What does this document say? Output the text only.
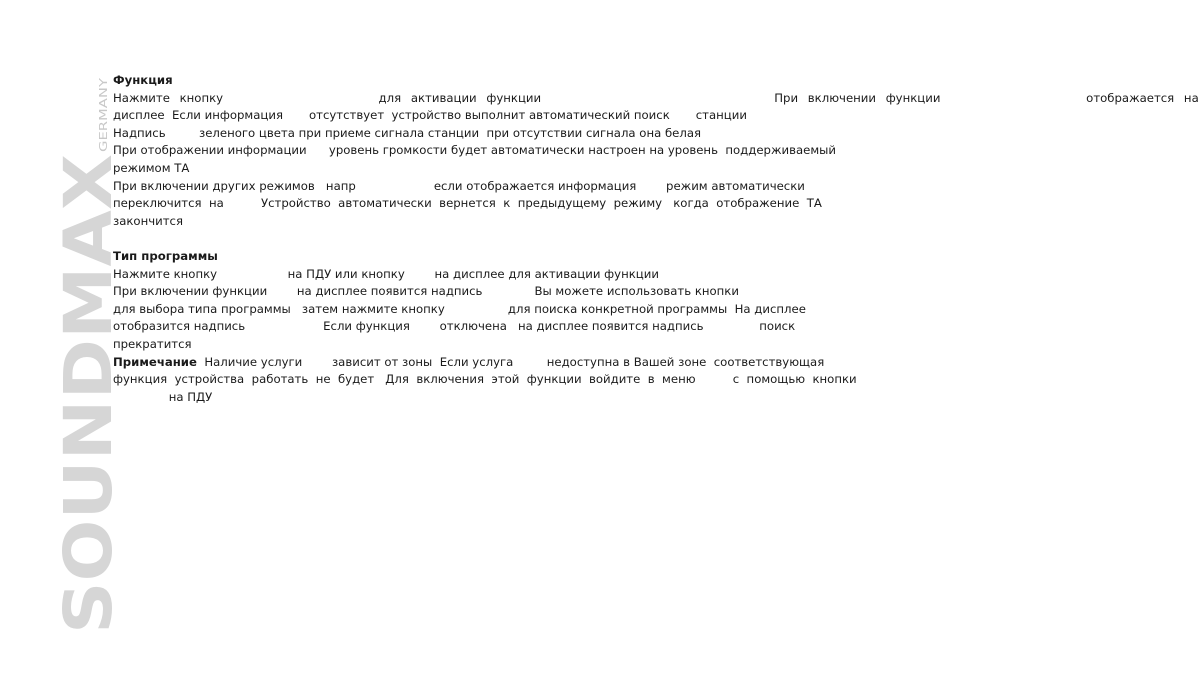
SOUNDMAX
GERMANY
Функция
Нажмите кнопку                для активации функции                        При включении функции               отображается на
дисплее  Если информация       отсутствует  устройство выполнит автоматический поиск       станции
Надпись         зеленого цвета при приеме сигнала станции  при отсутствии сигнала она белая
При отображении информации      уровень громкости будет автоматически настроен на уровень  поддерживаемый
режимом ТА
При включении других режимов   напр                     если отображается информация        режим автоматически
переключится  на          Устройство  автоматически  вернется  к  предыдущему  режиму   когда  отображение  ТА
закончится
Тип программы
Нажмите кнопку                   на ПДУ или кнопку        на дисплее для активации функции
При включении функции        на дисплее появится надпись              Вы можете использовать кнопки
для выбора типа программы   затем нажмите кнопку                 для поиска конкретной программы  На дисплее
отобразится надпись                     Если функция        отключена   на дисплее появится надпись               поиск
прекратится
Примечание  Наличие услуги        зависит от зоны  Если услуга         недоступна в Вашей зоне  соответствующая
функция  устройства  работать  не  будет   Для  включения  этой  функции  войдите  в  меню          с  помощью  кнопки
на ПДУ
